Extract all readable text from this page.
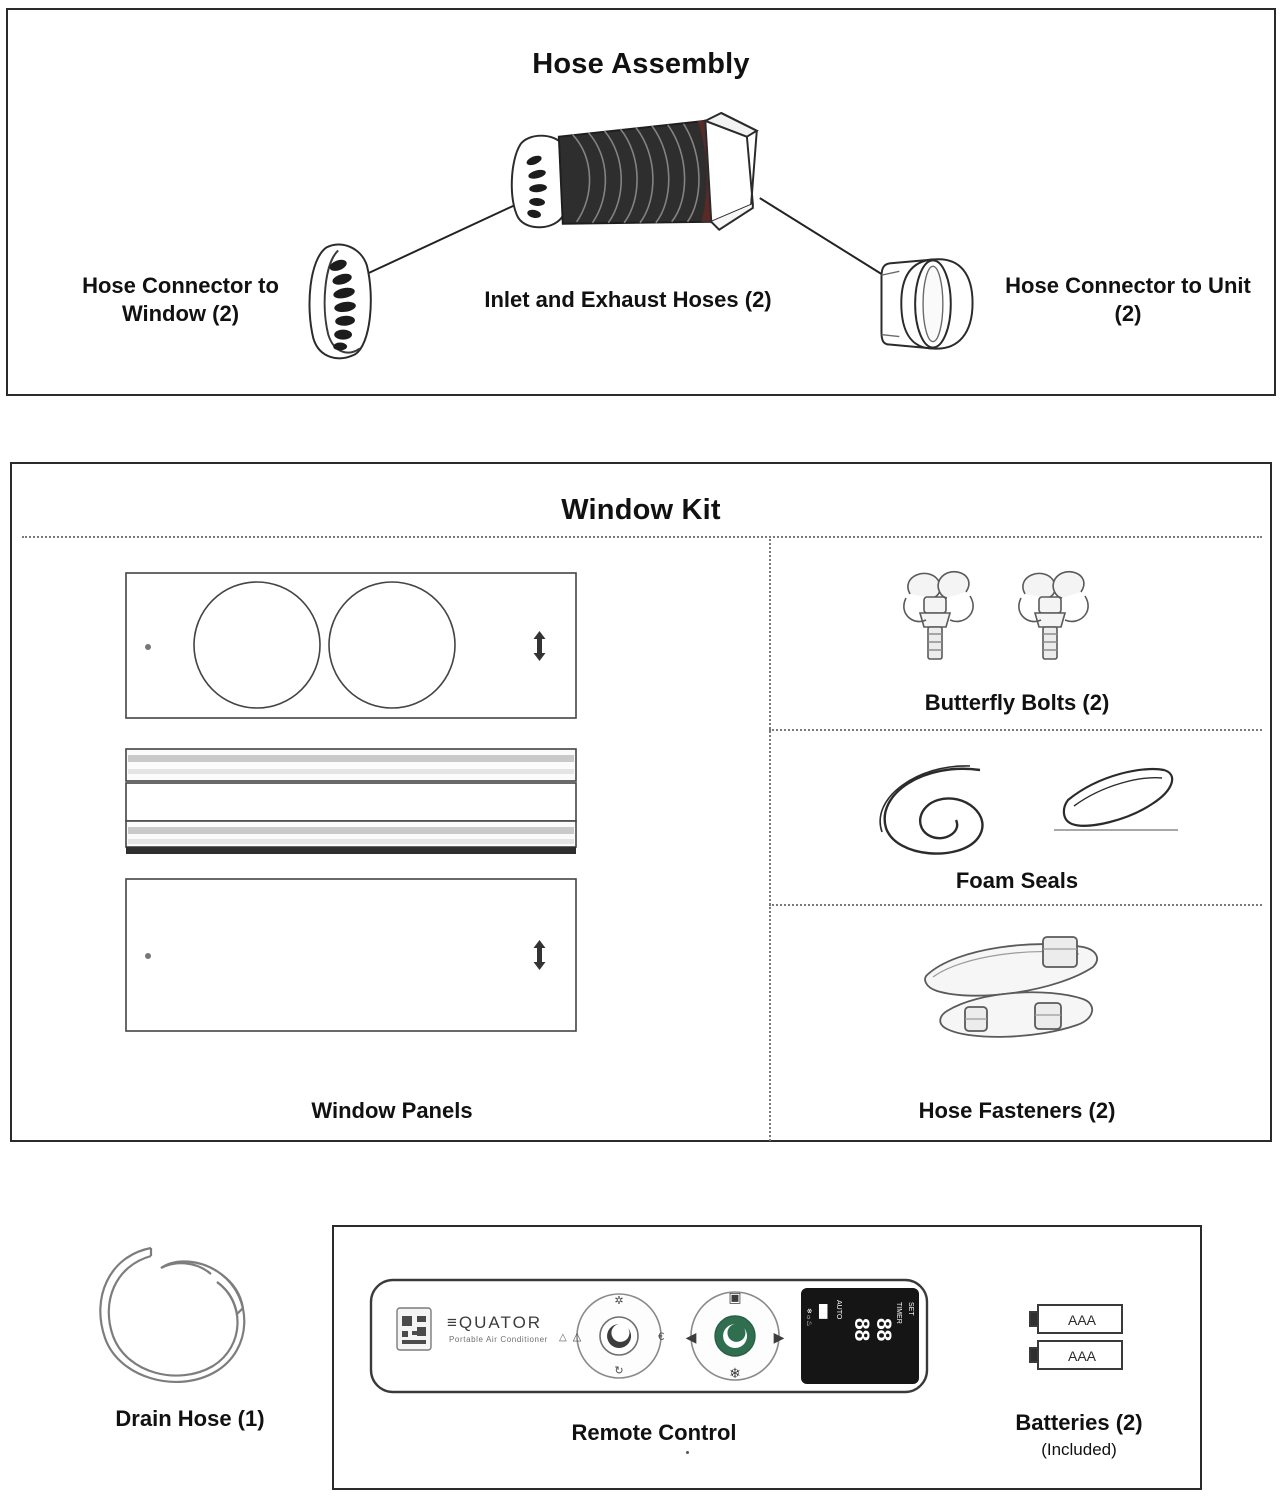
Hose Assembly
Hose Connector to Window (2)
Inlet and Exhaust Hoses (2)
Hose Connector to Unit (2)
Window Kit
Window Panels
Butterfly Bolts (2)
Foam Seals
Hose Fasteners (2)
Drain Hose (1)
≡QUATOR
Portable Air Conditioner
✲
↻
△	€
△	◀	▶
▣
❄
❄☼♨ ███ AUTO	SET
TIMER
88 88
Remote Control
AAA
AAA
Batteries (2)
(Included)
